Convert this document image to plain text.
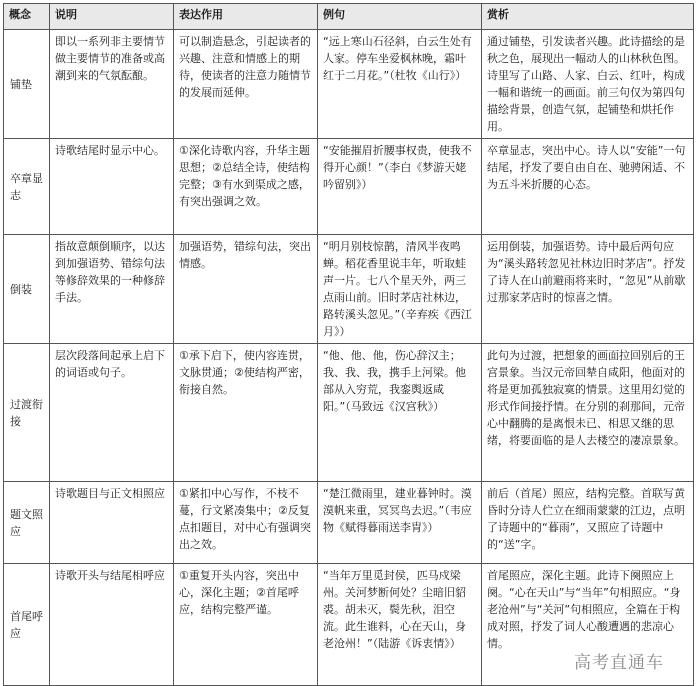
概念	说明	表达作用	例句	赏析
铺垫	即以一系列非主要情节做主要情节的准备或高潮到来的气氛酝酿。	可以制造悬念，引起读者的兴趣、注意和情感上的期待，使读者的注意力随情节的发展而延伸。	“远上寒山石径斜，白云生处有人家。停车坐爱枫林晚，霜叶红于二月花。”（杜牧《山行》）	通过铺垫，引发读者兴趣。此诗描绘的是秋之色，展现出一幅动人的山林秋色图。诗里写了山路、人家、白云、红叶，构成一幅和谐统一的画面。前三句仅为第四句描绘背景，创造气氛，起铺垫和烘托作用。
卒章显志	诗歌结尾时显示中心。	①深化诗歌内容，升华主题思想；②总结全诗，使结构完整；③有水到渠成之感，有突出强调之效。	“安能摧眉折腰事权贵，使我不得开心颜！”（李白《梦游天姥吟留别》）	卒章显志，突出中心。诗人以“安能”一句结尾，抒发了要自由自在、驰骋闲适、不为五斗米折腰的心态。
倒装	指故意颠倒顺序，以达到加强语势、错综句法等修辞效果的一种修辞手法。	加强语势，错综句法，突出情感。	“明月别枝惊鹊，清风半夜鸣蝉。稻花香里说丰年，听取蛙声一片。七八个星天外，两三点雨山前。旧时茅店社林边，路转溪头忽见。”（辛弃疾《西江月》）	运用倒装，加强语势。诗中最后两句应为“溪头路转忽见社林边旧时茅店”。抒发了诗人在山前避雨将来时，“忽见”从前歇过那家茅店时的惊喜之情。
过渡衔接	层次段落间起承上启下的词语或句子。	①承下启下，使内容连贯，文脉贯通；②使结构严密，衔接自然。	“他、他、他，伤心辞汉主；我、我、我，携手上河梁。他部从入穷荒，我銮舆返咸阳。”（马致远《汉宫秋》）	此句为过渡，把想象的画面拉回别后的王宫景象。当汉元帝回辇自咸阳，他面对的将是更加孤独寂寞的情景。这里用幻觉的形式作间接抒情。在分别的刹那间，元帝心中翻腾的是离恨未已、相思又继的思绪，将要面临的是人去楼空的凄凉景象。
题文照应	诗歌题目与正文相照应	①紧扣中心写作，不枝不蔓，行文紧凑集中；②反复点扣题目，对中心有强调突出之效。	“楚江微雨里，建业暮钟时。漠漠帆来重，冥冥鸟去迟。”（韦应物《赋得暮雨送李胄》）	前后（首尾）照应，结构完整。首联写黄昏时分诗人伫立在细雨蒙蒙的江边，点明了诗题中的“暮雨”，又照应了诗题中的“送”字。
首尾呼应	诗歌开头与结尾相呼应	①重复开头内容，突出中心，深化主题；②首尾呼应，结构完整严谨。	“当年万里觅封侯，匹马戍梁州。关河梦断何处？尘暗旧貂裘。胡未灭，鬓先秋，泪空流。此生谁料，心在天山，身老沧州！”（陆游《诉衷情》）	首尾照应，深化主题。此诗下阕照应上阕。“心在天山”与“当年”句相照应。“身老沧州”与“关河”句相照应，全篇在于构成对照，抒发了词人心酸遭遇的悲凉心情。
高考直通车
